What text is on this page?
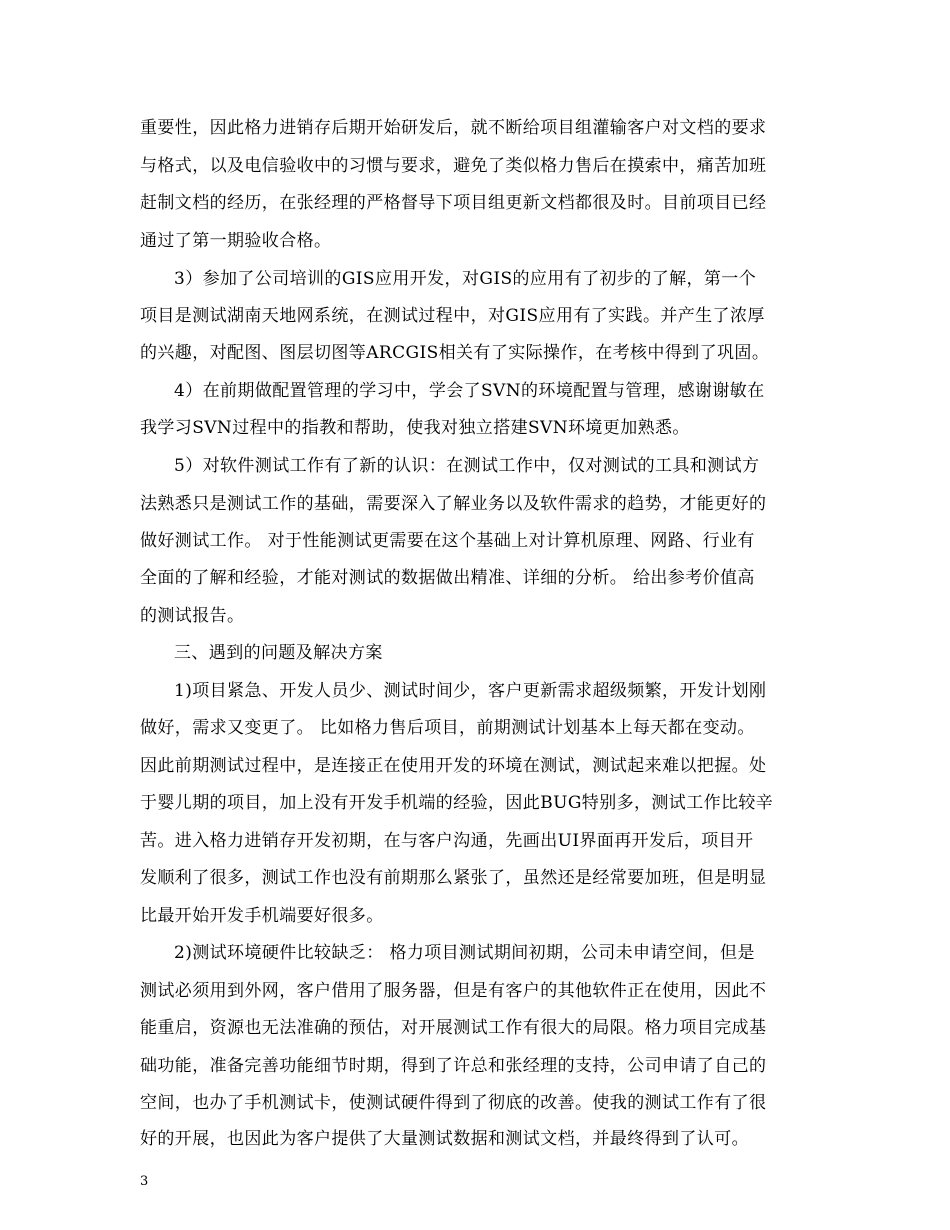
重要性，因此格力进销存后期开始研发后，就不断给项目组灌输客户对文档的要求
与格式，以及电信验收中的习惯与要求，避免了类似格力售后在摸索中，痛苦加班
赶制文档的经历，在张经理的严格督导下项目组更新文档都很及时。目前项目已经
通过了第一期验收合格。
3）参加了公司培训的GIS应用开发，对GIS的应用有了初步的了解，第一个
项目是测试湖南天地网系统，在测试过程中，对GIS应用有了实践。并产生了浓厚
的兴趣，对配图、图层切图等ARCGIS相关有了实际操作，在考核中得到了巩固。
4）在前期做配置管理的学习中，学会了SVN的环境配置与管理，感谢谢敏在
我学习SVN过程中的指教和帮助，使我对独立搭建SVN环境更加熟悉。
5）对软件测试工作有了新的认识：在测试工作中，仅对测试的工具和测试方
法熟悉只是测试工作的基础，需要深入了解业务以及软件需求的趋势，才能更好的
做好测试工作。 对于性能测试更需要在这个基础上对计算机原理、网路、行业有
全面的了解和经验，才能对测试的数据做出精准、详细的分析。 给出参考价值高
的测试报告。
三、遇到的问题及解决方案
1)项目紧急、开发人员少、测试时间少，客户更新需求超级频繁，开发计划刚
做好，需求又变更了。 比如格力售后项目，前期测试计划基本上每天都在变动。
因此前期测试过程中，是连接正在使用开发的环境在测试，测试起来难以把握。处
于婴儿期的项目，加上没有开发手机端的经验，因此BUG特别多，测试工作比较辛
苦。进入格力进销存开发初期，在与客户沟通，先画出UI界面再开发后，项目开
发顺利了很多，测试工作也没有前期那么紧张了，虽然还是经常要加班，但是明显
比最开始开发手机端要好很多。
2)测试环境硬件比较缺乏： 格力项目测试期间初期，公司未申请空间，但是
测试必须用到外网，客户借用了服务器，但是有客户的其他软件正在使用，因此不
能重启，资源也无法准确的预估，对开展测试工作有很大的局限。格力项目完成基
础功能，准备完善功能细节时期，得到了许总和张经理的支持，公司申请了自己的
空间，也办了手机测试卡，使测试硬件得到了彻底的改善。使我的测试工作有了很
好的开展，也因此为客户提供了大量测试数据和测试文档，并最终得到了认可。
3
